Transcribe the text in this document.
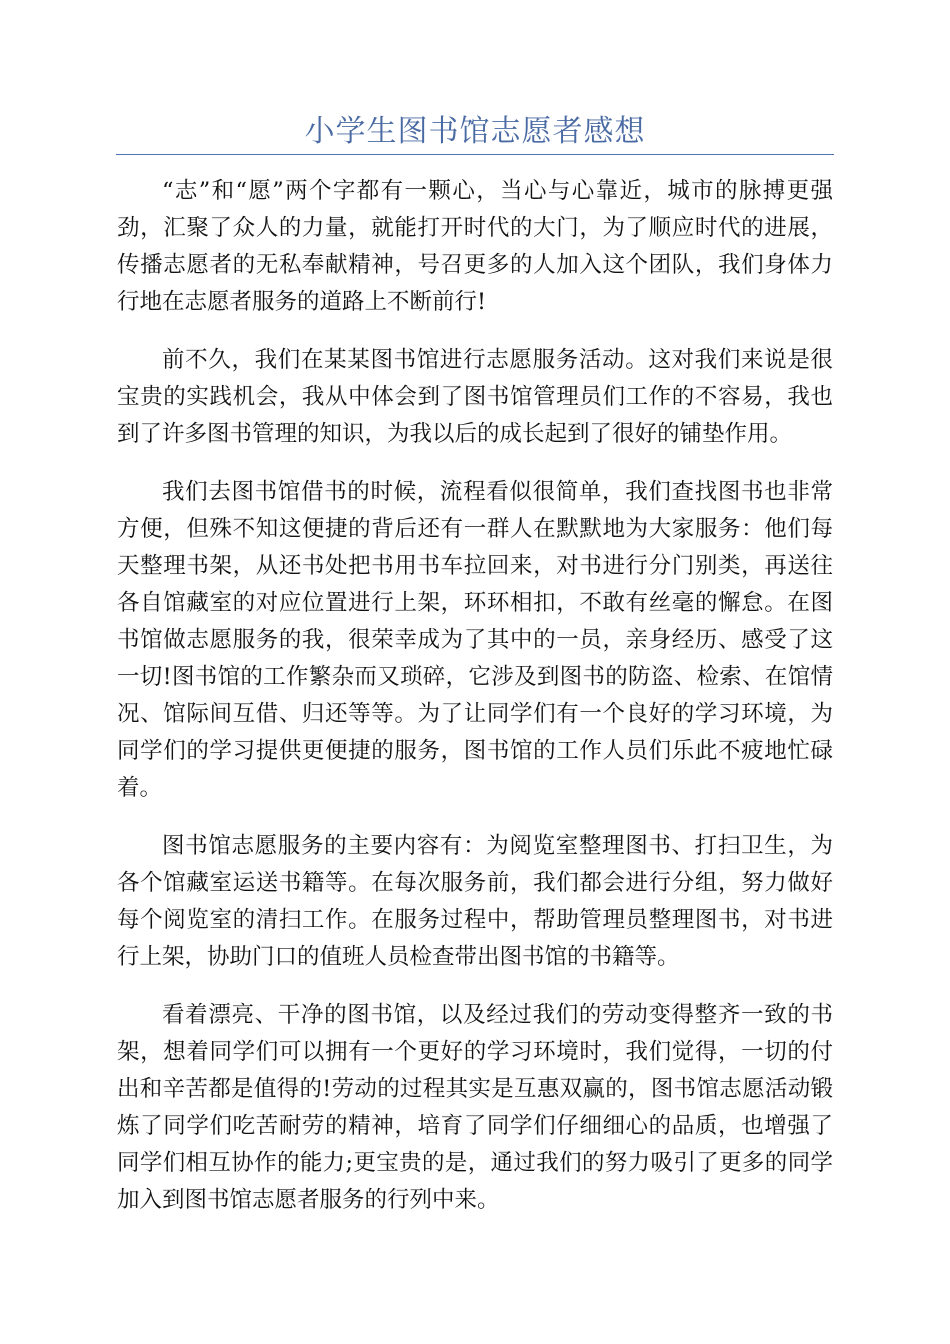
小学生图书馆志愿者感想

“志”和“愿”两个字都有一颗心，当心与心靠近，城市的脉搏更强劲，汇聚了众人的力量，就能打开时代的大门，为了顺应时代的进展，传播志愿者的无私奉献精神，号召更多的人加入这个团队，我们身体力行地在志愿者服务的道路上不断前行!

前不久，我们在某某图书馆进行志愿服务活动。这对我们来说是很宝贵的实践机会，我从中体会到了图书馆管理员们工作的不容易，我也到了许多图书管理的知识，为我以后的成长起到了很好的铺垫作用。

我们去图书馆借书的时候，流程看似很简单，我们查找图书也非常方便，但殊不知这便捷的背后还有一群人在默默地为大家服务：他们每天整理书架，从还书处把书用书车拉回来，对书进行分门别类，再送往各自馆藏室的对应位置进行上架，环环相扣，不敢有丝毫的懈怠。在图书馆做志愿服务的我，很荣幸成为了其中的一员，亲身经历、感受了这一切!图书馆的工作繁杂而又琐碎，它涉及到图书的防盗、检索、在馆情况、馆际间互借、归还等等。为了让同学们有一个良好的学习环境，为同学们的学习提供更便捷的服务，图书馆的工作人员们乐此不疲地忙碌着。

图书馆志愿服务的主要内容有：为阅览室整理图书、打扫卫生，为各个馆藏室运送书籍等。在每次服务前，我们都会进行分组，努力做好每个阅览室的清扫工作。在服务过程中，帮助管理员整理图书，对书进行上架，协助门口的值班人员检查带出图书馆的书籍等。

看着漂亮、干净的图书馆，以及经过我们的劳动变得整齐一致的书架，想着同学们可以拥有一个更好的学习环境时，我们觉得，一切的付出和辛苦都是值得的!劳动的过程其实是互惠双赢的，图书馆志愿活动锻炼了同学们吃苦耐劳的精神，培育了同学们仔细细心的品质，也增强了同学们相互协作的能力;更宝贵的是，通过我们的努力吸引了更多的同学加入到图书馆志愿者服务的行列中来。
